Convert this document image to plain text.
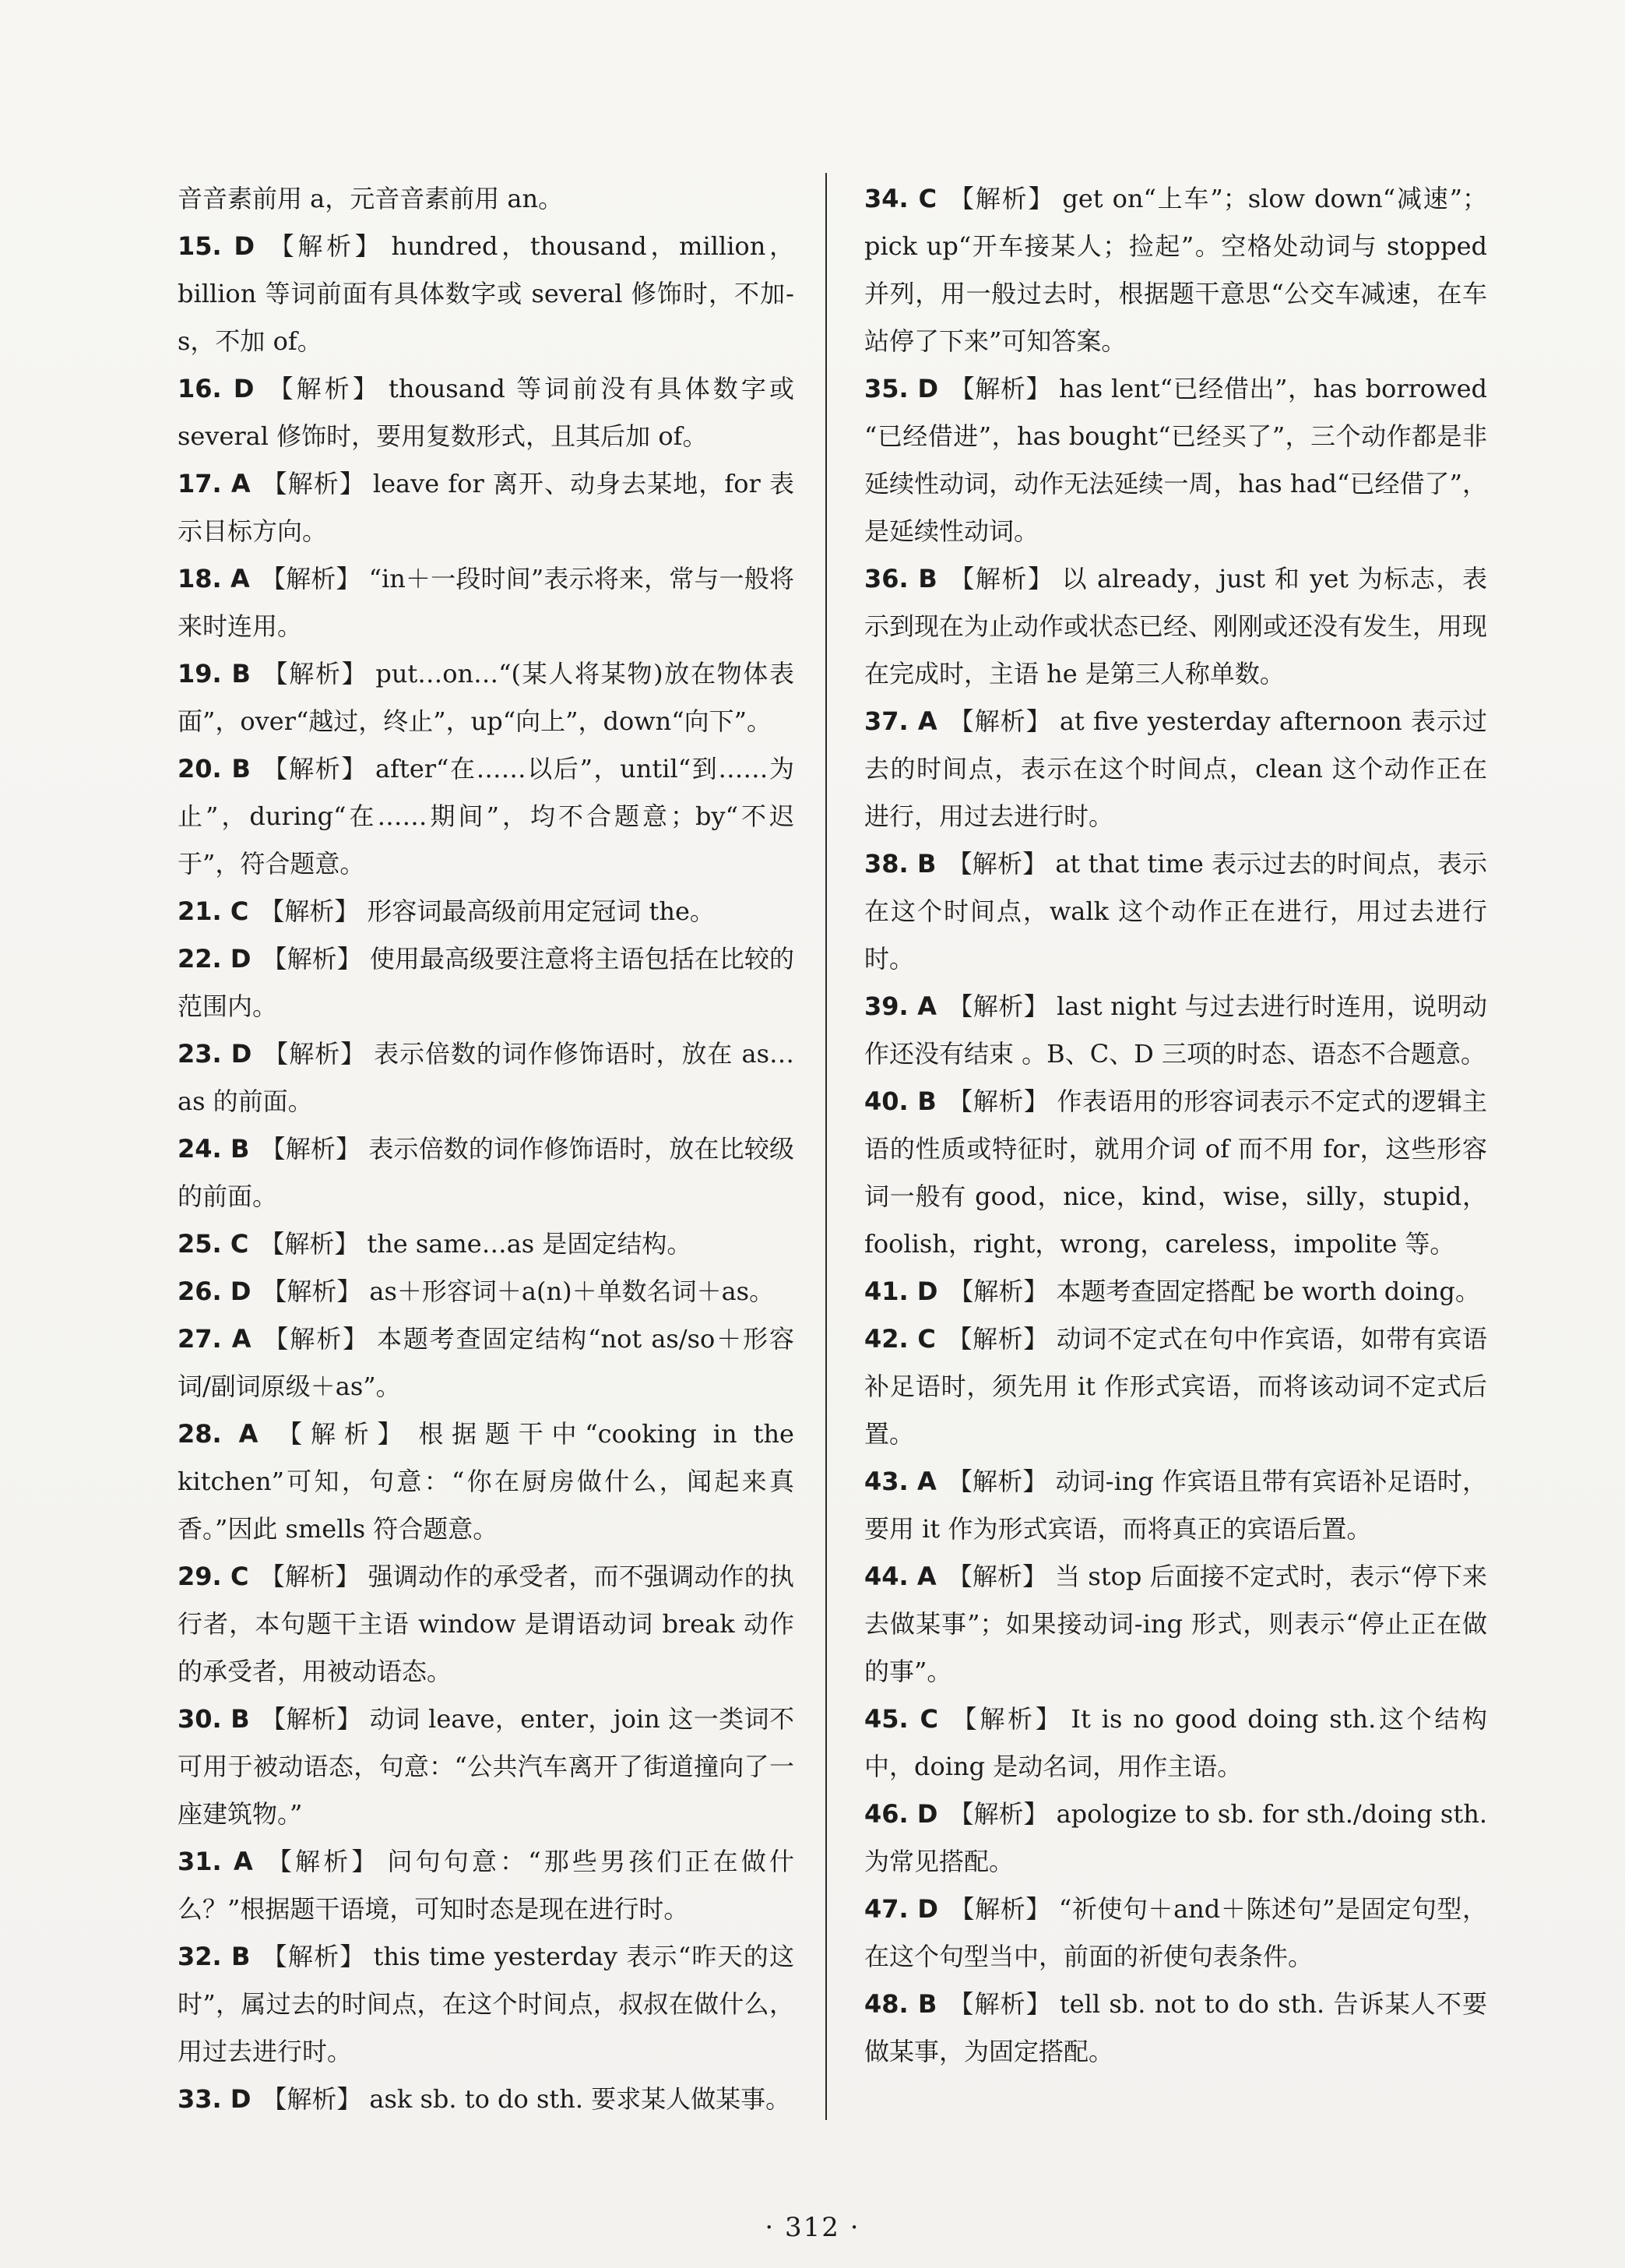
音音素前用 a，元音音素前用 an。

15. D 【解析】 hundred，thousand，million，billion 等词前面有具体数字或 several 修饰时，不加-s，不加 of。

16. D 【解析】 thousand 等词前没有具体数字或 several 修饰时，要用复数形式，且其后加 of。

17. A 【解析】 leave for 离开、动身去某地，for 表示目标方向。

18. A 【解析】 “in＋一段时间”表示将来，常与一般将来时连用。

19. B 【解析】 put…on…“(某人将某物)放在物体表面”，over“越过，终止”，up“向上”，down“向下”。

20. B 【解析】 after“在……以后”，until“到……为止”，during“在……期间”，均不合题意；by“不迟于”，符合题意。

21. C 【解析】 形容词最高级前用定冠词 the。

22. D 【解析】 使用最高级要注意将主语包括在比较的范围内。

23. D 【解析】 表示倍数的词作修饰语时，放在 as…as 的前面。

24. B 【解析】 表示倍数的词作修饰语时，放在比较级的前面。

25. C 【解析】 the same…as 是固定结构。

26. D 【解析】 as＋形容词＋a(n)＋单数名词＋as。

27. A 【解析】 本题考查固定结构“not as/so＋形容词/副词原级＋as”。

28. A 【解析】 根据题干中“cooking in the kitchen”可知，句意：“你在厨房做什么，闻起来真香。”因此 smells 符合题意。

29. C 【解析】 强调动作的承受者，而不强调动作的执行者，本句题干主语 window 是谓语动词 break 动作的承受者，用被动语态。

30. B 【解析】 动词 leave，enter，join 这一类词不可用于被动语态，句意：“公共汽车离开了街道撞向了一座建筑物。”

31. A 【解析】 问句句意：“那些男孩们正在做什么？”根据题干语境，可知时态是现在进行时。

32. B 【解析】 this time yesterday 表示“昨天的这时”，属过去的时间点，在这个时间点，叔叔在做什么，用过去进行时。

33. D 【解析】 ask sb. to do sth. 要求某人做某事。

34. C 【解析】 get on“上车”；slow down“减速”；pick up“开车接某人；捡起”。空格处动词与 stopped 并列，用一般过去时，根据题干意思“公交车减速，在车站停了下来”可知答案。

35. D 【解析】 has lent“已经借出”，has borrowed “已经借进”，has bought“已经买了”，三个动作都是非延续性动词，动作无法延续一周，has had“已经借了”，是延续性动词。

36. B 【解析】 以 already，just 和 yet 为标志，表示到现在为止动作或状态已经、刚刚或还没有发生，用现在完成时，主语 he 是第三人称单数。

37. A 【解析】 at five yesterday afternoon 表示过去的时间点，表示在这个时间点，clean 这个动作正在进行，用过去进行时。

38. B 【解析】 at that time 表示过去的时间点，表示在这个时间点，walk 这个动作正在进行，用过去进行时。

39. A 【解析】 last night 与过去进行时连用，说明动作还没有结束 。B、C、D 三项的时态、语态不合题意。

40. B 【解析】 作表语用的形容词表示不定式的逻辑主语的性质或特征时，就用介词 of 而不用 for，这些形容词一般有 good，nice，kind，wise，silly，stupid，foolish，right，wrong，careless，impolite 等。

41. D 【解析】 本题考查固定搭配 be worth doing。

42. C 【解析】 动词不定式在句中作宾语，如带有宾语补足语时，须先用 it 作形式宾语，而将该动词不定式后置。

43. A 【解析】 动词-ing 作宾语且带有宾语补足语时，要用 it 作为形式宾语，而将真正的宾语后置。

44. A 【解析】 当 stop 后面接不定式时，表示“停下来去做某事”；如果接动词-ing 形式，则表示“停止正在做的事”。

45. C 【解析】 It is no good doing sth.这个结构中，doing 是动名词，用作主语。

46. D 【解析】 apologize to sb. for sth./doing sth. 为常见搭配。

47. D 【解析】 “祈使句＋and＋陈述句”是固定句型，在这个句型当中，前面的祈使句表条件。

48. B 【解析】 tell sb. not to do sth. 告诉某人不要做某事，为固定搭配。

· 312 ·
